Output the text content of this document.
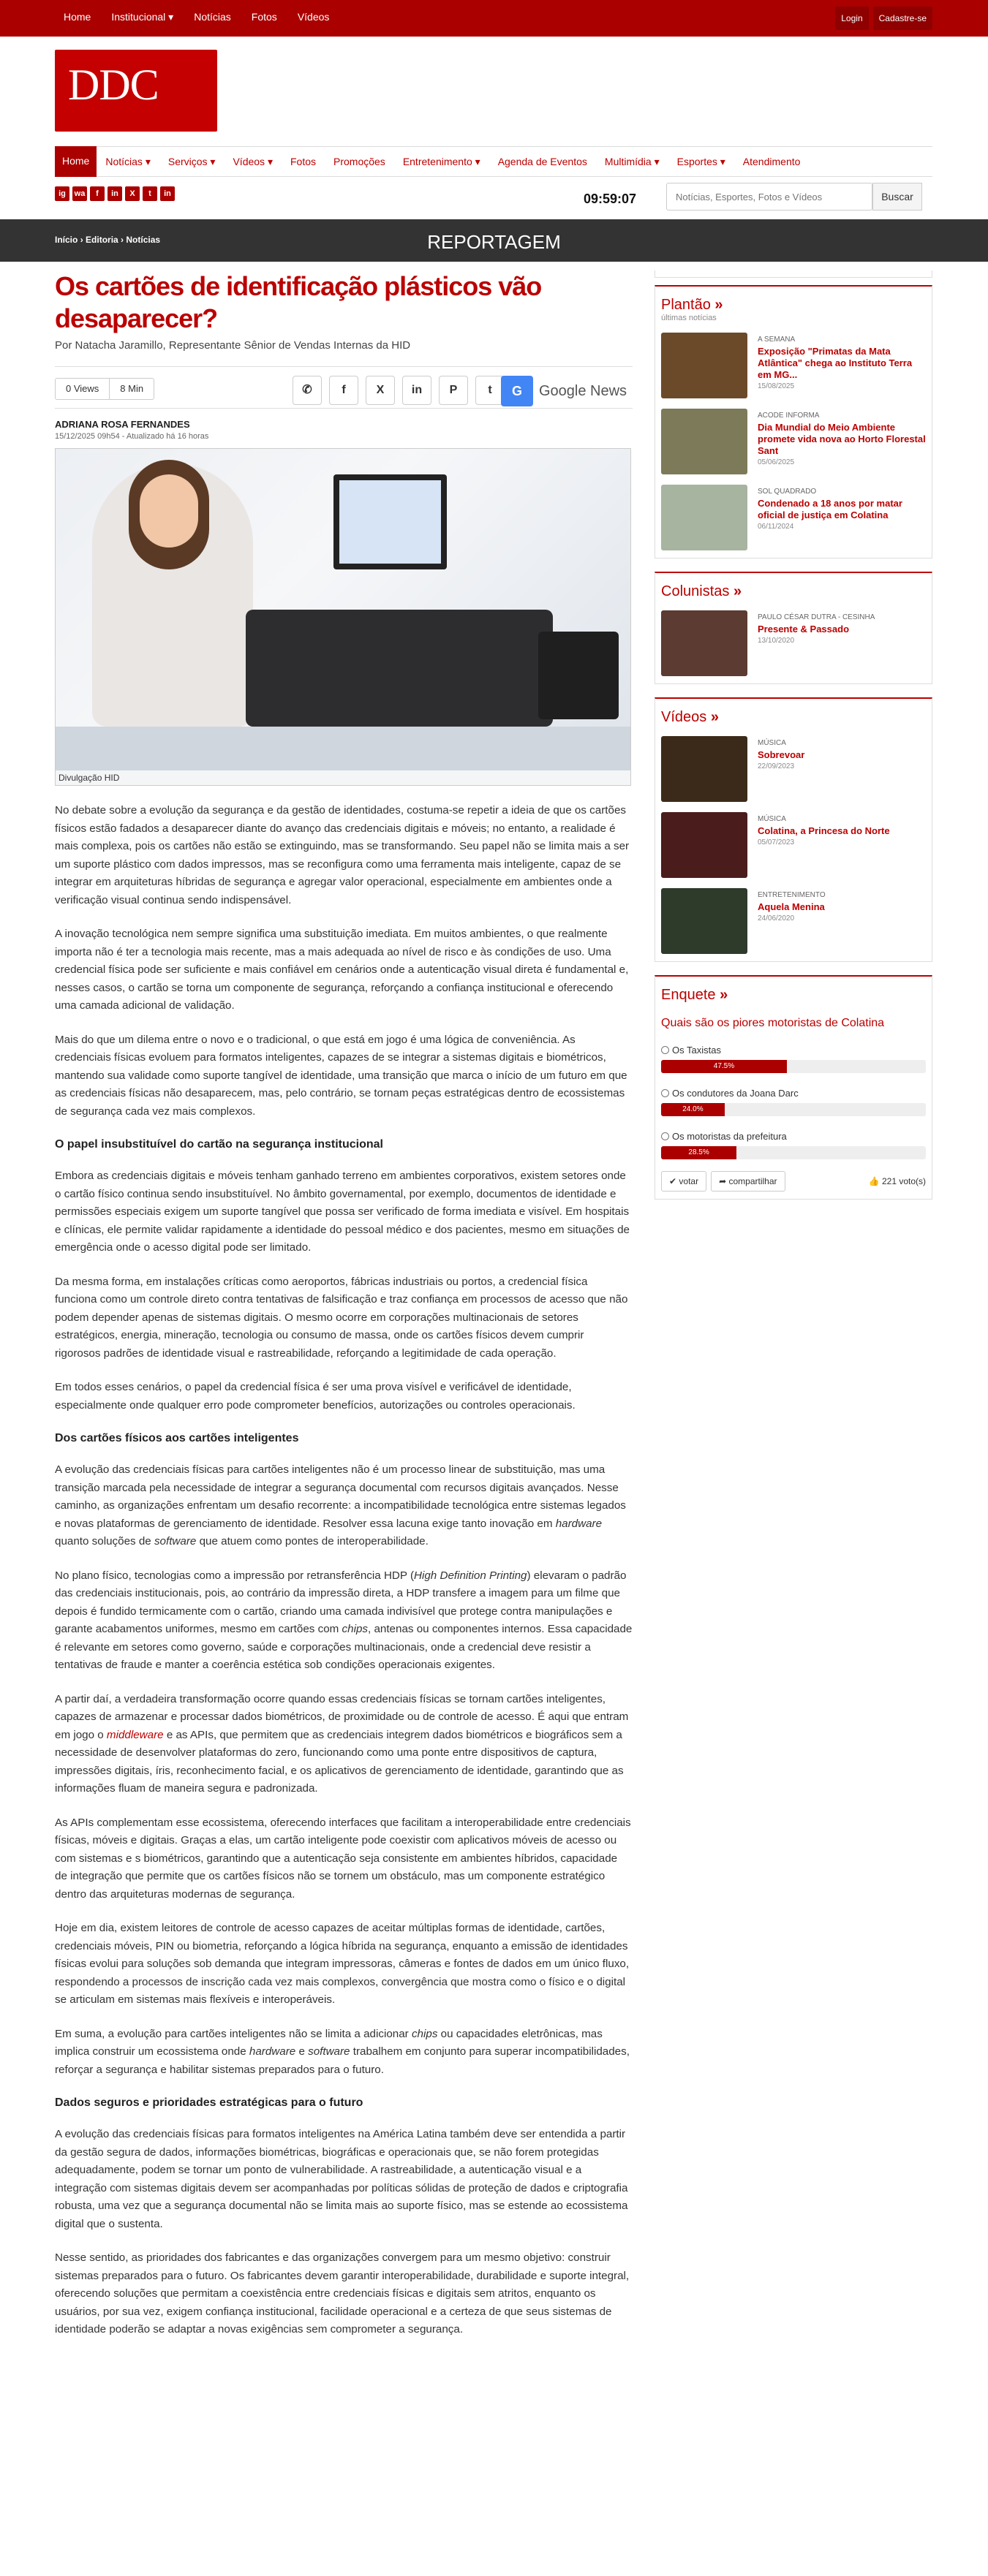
Home Institucional ▾ Notícias Fotos Vídeos	Login	Cadastre-se
DDC
Home	Notícias ▾	Serviços ▾	Vídeos ▾	Fotos	Promoções	Entretenimento ▾	Agenda de Eventos	Multimídia ▾	Esportes ▾	Atendimento
ig	wa	f	in	X	t	in	09:59:07
Notícias, Esportes, Fotos e Vídeos	Buscar
REPORTAGEM
Início › Editoria › Notícias
Os cartões de identificação plásticos vão desaparecer?
Por Natacha Jaramillo, Representante Sênior de Vendas Internas da HID
0 Views	8 Min	✆	f	X	in	P	t	G	Google News
ADRIANA ROSA FERNANDES
15/12/2025 09h54 - Atualizado há 16 horas
Divulgação HID

No debate sobre a evolução da segurança e da gestão de identidades, costuma-se repetir a ideia de que os cartões físicos estão fadados a desaparecer diante do avanço das credenciais digitais e móveis; no entanto, a realidade é mais complexa, pois os cartões não estão se extinguindo, mas se transformando. Seu papel não se limita mais a ser um suporte plástico com dados impressos, mas se reconfigura como uma ferramenta mais inteligente, capaz de se integrar em arquiteturas híbridas de segurança e agregar valor operacional, especialmente em ambientes onde a verificação visual continua sendo indispensável.

A inovação tecnológica nem sempre significa uma substituição imediata. Em muitos ambientes, o que realmente importa não é ter a tecnologia mais recente, mas a mais adequada ao nível de risco e às condições de uso. Uma credencial física pode ser suficiente e mais confiável em cenários onde a autenticação visual direta é fundamental e, nesses casos, o cartão se torna um componente de segurança, reforçando a confiança institucional e oferecendo uma camada adicional de validação.

Mais do que um dilema entre o novo e o tradicional, o que está em jogo é uma lógica de conveniência. As credenciais físicas evoluem para formatos inteligentes, capazes de se integrar a sistemas digitais e biométricos, mantendo sua validade como suporte tangível de identidade, uma transição que marca o início de um futuro em que as credenciais físicas não desaparecem, mas, pelo contrário, se tornam peças estratégicas dentro de ecossistemas de segurança cada vez mais complexos.

O papel insubstituível do cartão na segurança institucional

Embora as credenciais digitais e móveis tenham ganhado terreno em ambientes corporativos, existem setores onde o cartão físico continua sendo insubstituível. No âmbito governamental, por exemplo, documentos de identidade e permissões especiais exigem um suporte tangível que possa ser verificado de forma imediata e visível. Em hospitais e clínicas, ele permite validar rapidamente a identidade do pessoal médico e dos pacientes, mesmo em situações de emergência onde o acesso digital pode ser limitado.

Da mesma forma, em instalações críticas como aeroportos, fábricas industriais ou portos, a credencial física funciona como um controle direto contra tentativas de falsificação e traz confiança em processos de acesso que não podem depender apenas de sistemas digitais. O mesmo ocorre em corporações multinacionais de setores estratégicos, energia, mineração, tecnologia ou consumo de massa, onde os cartões físicos devem cumprir rigorosos padrões de identidade visual e rastreabilidade, reforçando a legitimidade de cada operação.

Em todos esses cenários, o papel da credencial física é ser uma prova visível e verificável de identidade, especialmente onde qualquer erro pode comprometer benefícios, autorizações ou controles operacionais.

Dos cartões físicos aos cartões inteligentes

A evolução das credenciais físicas para cartões inteligentes não é um processo linear de substituição, mas uma transição marcada pela necessidade de integrar a segurança documental com recursos digitais avançados. Nesse caminho, as organizações enfrentam um desafio recorrente: a incompatibilidade tecnológica entre sistemas legados e novas plataformas de gerenciamento de identidade. Resolver essa lacuna exige tanto inovação em hardware quanto soluções de software que atuem como pontes de interoperabilidade.

No plano físico, tecnologias como a impressão por retransferência HDP (High Definition Printing) elevaram o padrão das credenciais institucionais, pois, ao contrário da impressão direta, a HDP transfere a imagem para um filme que depois é fundido termicamente com o cartão, criando uma camada indivisível que protege contra manipulações e garante acabamentos uniformes, mesmo em cartões com chips, antenas ou componentes internos. Essa capacidade é relevante em setores como governo, saúde e corporações multinacionais, onde a credencial deve resistir a tentativas de fraude e manter a coerência estética sob condições operacionais exigentes.

A partir daí, a verdadeira transformação ocorre quando essas credenciais físicas se tornam cartões inteligentes, capazes de armazenar e processar dados biométricos, de proximidade ou de controle de acesso. É aqui que entram em jogo o middleware e as APIs, que permitem que as credenciais integrem dados biométricos e biográficos sem a necessidade de desenvolver plataformas do zero, funcionando como uma ponte entre dispositivos de captura, impressões digitais, íris, reconhecimento facial, e os aplicativos de gerenciamento de identidade, garantindo que as informações fluam de maneira segura e padronizada.

As APIs complementam esse ecossistema, oferecendo interfaces que facilitam a interoperabilidade entre credenciais físicas, móveis e digitais. Graças a elas, um cartão inteligente pode coexistir com aplicativos móveis de acesso ou com sistemas e s biométricos, garantindo que a autenticação seja consistente em ambientes híbridos, capacidade de integração que permite que os cartões físicos não se tornem um obstáculo, mas um componente estratégico dentro das arquiteturas modernas de segurança.

Hoje em dia, existem leitores de controle de acesso capazes de aceitar múltiplas formas de identidade, cartões, credenciais móveis, PIN ou biometria, reforçando a lógica híbrida na segurança, enquanto a emissão de identidades físicas evolui para soluções sob demanda que integram impressoras, câmeras e fontes de dados em um único fluxo, respondendo a processos de inscrição cada vez mais complexos, convergência que mostra como o físico e o digital se articulam em sistemas mais flexíveis e interoperáveis.

Em suma, a evolução para cartões inteligentes não se limita a adicionar chips ou capacidades eletrônicas, mas implica construir um ecossistema onde hardware e software trabalhem em conjunto para superar incompatibilidades, reforçar a segurança e habilitar sistemas preparados para o futuro.

Dados seguros e prioridades estratégicas para o futuro

A evolução das credenciais físicas para formatos inteligentes na América Latina também deve ser entendida a partir da gestão segura de dados, informações biométricas, biográficas e operacionais que, se não forem protegidas adequadamente, podem se tornar um ponto de vulnerabilidade. A rastreabilidade, a autenticação visual e a integração com sistemas digitais devem ser acompanhadas por políticas sólidas de proteção de dados e criptografia robusta, uma vez que a segurança documental não se limita mais ao suporte físico, mas se estende ao ecossistema digital que o sustenta.

Nesse sentido, as prioridades dos fabricantes e das organizações convergem para um mesmo objetivo: construir sistemas preparados para o futuro. Os fabricantes devem garantir interoperabilidade, durabilidade e suporte integral, oferecendo soluções que permitam a coexistência entre credenciais físicas e digitais sem atritos, enquanto os usuários, por sua vez, exigem confiança institucional, facilidade operacional e a certeza de que seus sistemas de identidade poderão se adaptar a novas exigências sem comprometer a segurança.

Plantão »
últimas notícias
A SEMANA
Exposição "Primatas da Mata Atlântica" chega ao Instituto Terra em MG...
15/08/2025
ACODE INFORMA
Dia Mundial do Meio Ambiente promete vida nova ao Horto Florestal Sant
05/06/2025
SOL QUADRADO
Condenado a 18 anos por matar oficial de justiça em Colatina
06/11/2024
Colunistas »
PAULO CÉSAR DUTRA - CESINHA
Presente & Passado
13/10/2020
Vídeos »
MÚSICA
Sobrevoar
22/09/2023
MÚSICA
Colatina, a Princesa do Norte
05/07/2023
ENTRETENIMENTO
Aquela Menina
24/06/2020
Enquete »
Quais são os piores motoristas de Colatina
Os Taxistas
47.5%
Os condutores da Joana Darc
24.0%
Os motoristas da prefeitura
28.5%
✔ votar	➦ compartilhar	👍 221 voto(s)
